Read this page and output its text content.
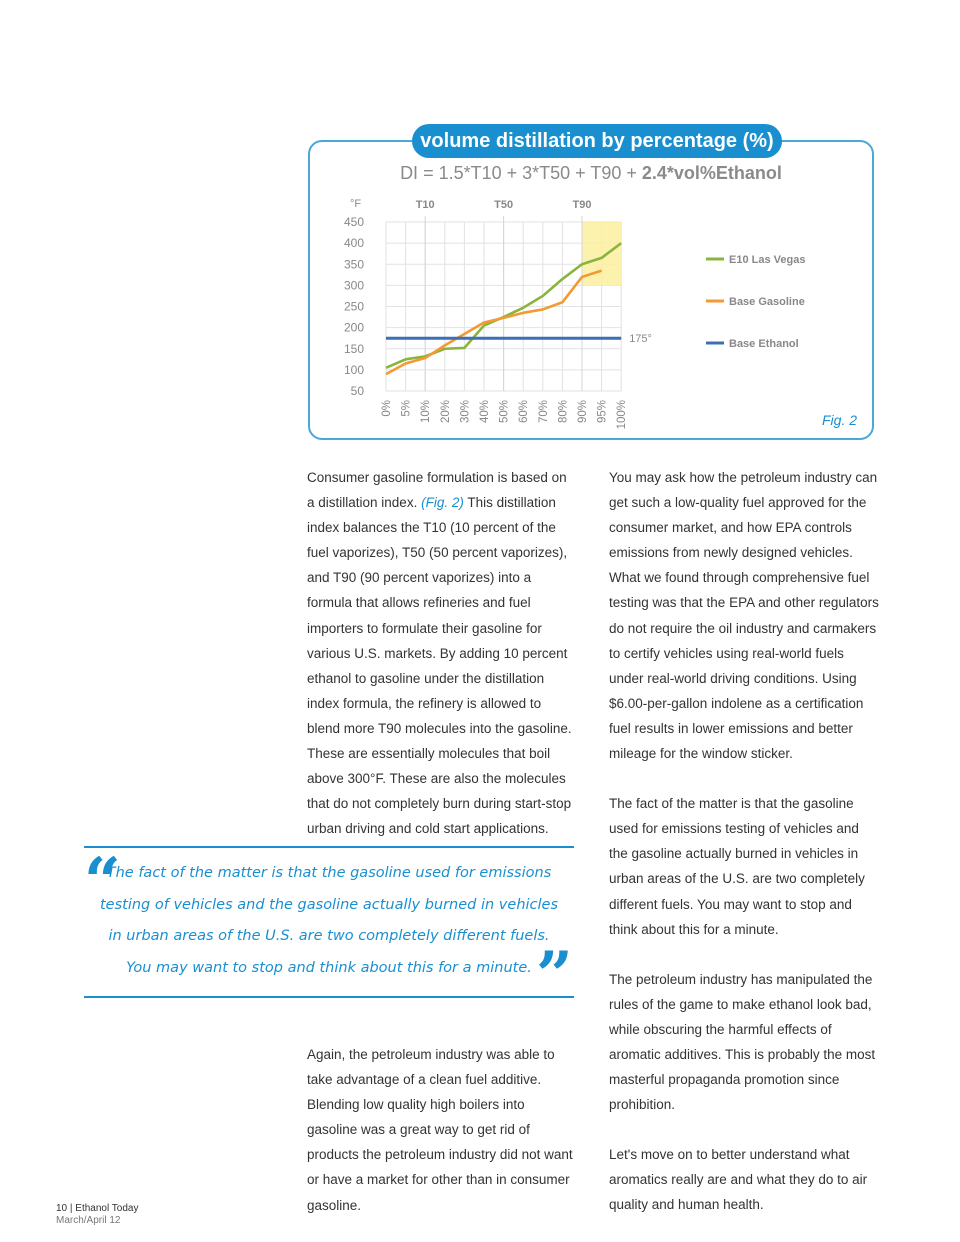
volume distillation by percentage (%)
DI = 1.5*T10 + 3*T50 + T90 + 2.4*vol%Ethanol
T10	T50	T90
°F
450
400
350
300
250
200
150
100
50
0% 5% 10% 20% 30% 40% 50% 60% 70% 80% 90% 95% 100%
175°
E10 Las Vegas
Base Gasoline
Base Ethanol
Fig. 2

Consumer gasoline formulation is based on a distillation index. (Fig. 2) This distillation index balances the T10 (10 percent of the fuel vaporizes), T50 (50 percent vaporizes), and T90 (90 percent vaporizes) into a formula that allows refineries and fuel importers to formulate their gasoline for various U.S. markets. By adding 10 percent ethanol to gasoline under the distillation index formula, the refinery is allowed to blend more T90 molecules into the gasoline. These are essentially molecules that boil above 300°F. These are also the molecules that do not completely burn during start-stop urban driving and cold start applications.

You may ask how the petroleum industry can get such a low-quality fuel approved for the consumer market, and how EPA controls emissions from newly designed vehicles. What we found through comprehensive fuel testing was that the EPA and other regulators do not require the oil industry and carmakers to certify vehicles using real-world fuels under real-world driving conditions. Using $6.00-per-gallon indolene as a certification fuel results in lower emissions and better mileage for the window sticker.

The fact of the matter is that the gasoline used for emissions testing of vehicles and the gasoline actually burned in vehicles in urban areas of the U.S. are two completely different fuels. You may want to stop and think about this for a minute.

The petroleum industry has manipulated the rules of the game to make ethanol look bad, while obscuring the harmful effects of aromatic additives. This is probably the most masterful propaganda promotion since prohibition.

Let's move on to better understand what aromatics really are and what they do to air quality and human health.

“

The fact of the matter is that the gasoline used for emissions

testing of vehicles and the gasoline actually burned in vehicles

in urban areas of the U.S. are two completely different fuels.

You may want to stop and think about this for a minute. ”

Again, the petroleum industry was able to take advantage of a clean fuel additive. Blending low quality high boilers into gasoline was a great way to get rid of products the petroleum industry did not want or have a market for other than in consumer gasoline.

10 | Ethanol Today
March/April 12
